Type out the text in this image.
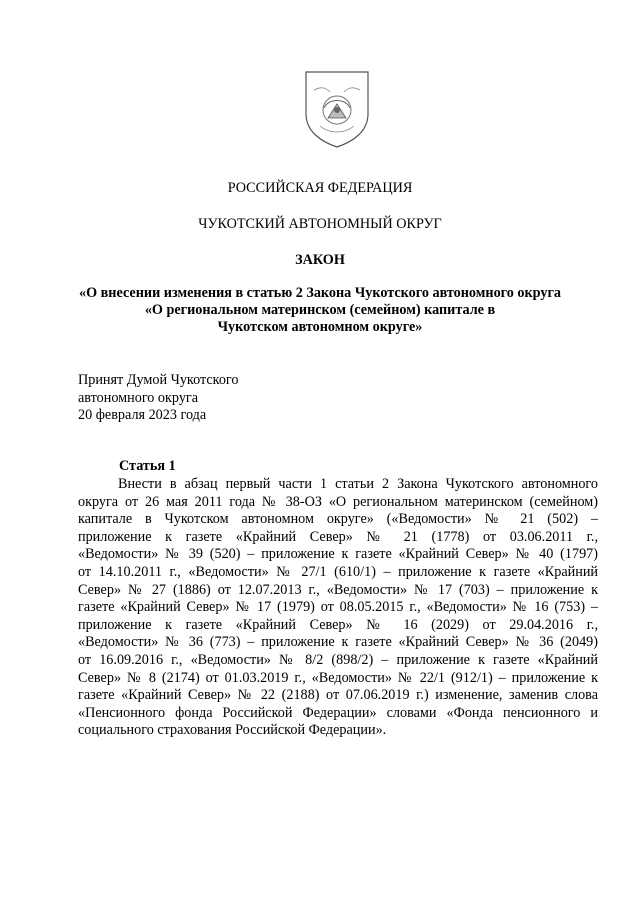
РОССИЙСКАЯ ФЕДЕРАЦИЯ
ЧУКОТСКИЙ АВТОНОМНЫЙ ОКРУГ
ЗАКОН
«О внесении изменения в статью 2 Закона Чукотского автономного округа
«О региональном материнском (семейном) капитале в
Чукотском автономном округе»
Принят Думой Чукотского
автономного округа
20 февраля 2023 года
Статья 1
Внести в абзац первый части 1 статьи 2 Закона Чукотского автономного
округа от 26 мая 2011 года № 38-ОЗ «О региональном материнском (семейном)
капитале в Чукотском автономном округе» («Ведомости» № 21 (502) –
приложение к газете «Крайний Север» № 21 (1778) от 03.06.2011 г.,
«Ведомости» № 39 (520) – приложение к газете «Крайний Север» № 40 (1797)
от 14.10.2011 г., «Ведомости» № 27/1 (610/1) – приложение к газете «Крайний
Север» № 27 (1886) от 12.07.2013 г., «Ведомости» № 17 (703) – приложение к
газете «Крайний Север» № 17 (1979) от 08.05.2015 г., «Ведомости» № 16 (753) –
приложение к газете «Крайний Север» № 16 (2029) от 29.04.2016 г.,
«Ведомости» № 36 (773) – приложение к газете «Крайний Север» № 36 (2049)
от 16.09.2016 г., «Ведомости» № 8/2 (898/2) – приложение к газете «Крайний
Север» № 8 (2174) от 01.03.2019 г., «Ведомости» № 22/1 (912/1) – приложение к
газете «Крайний Север» № 22 (2188) от 07.06.2019 г.) изменение, заменив слова
«Пенсионного фонда Российской Федерации» словами «Фонда пенсионного и
социального страхования Российской Федерации».
